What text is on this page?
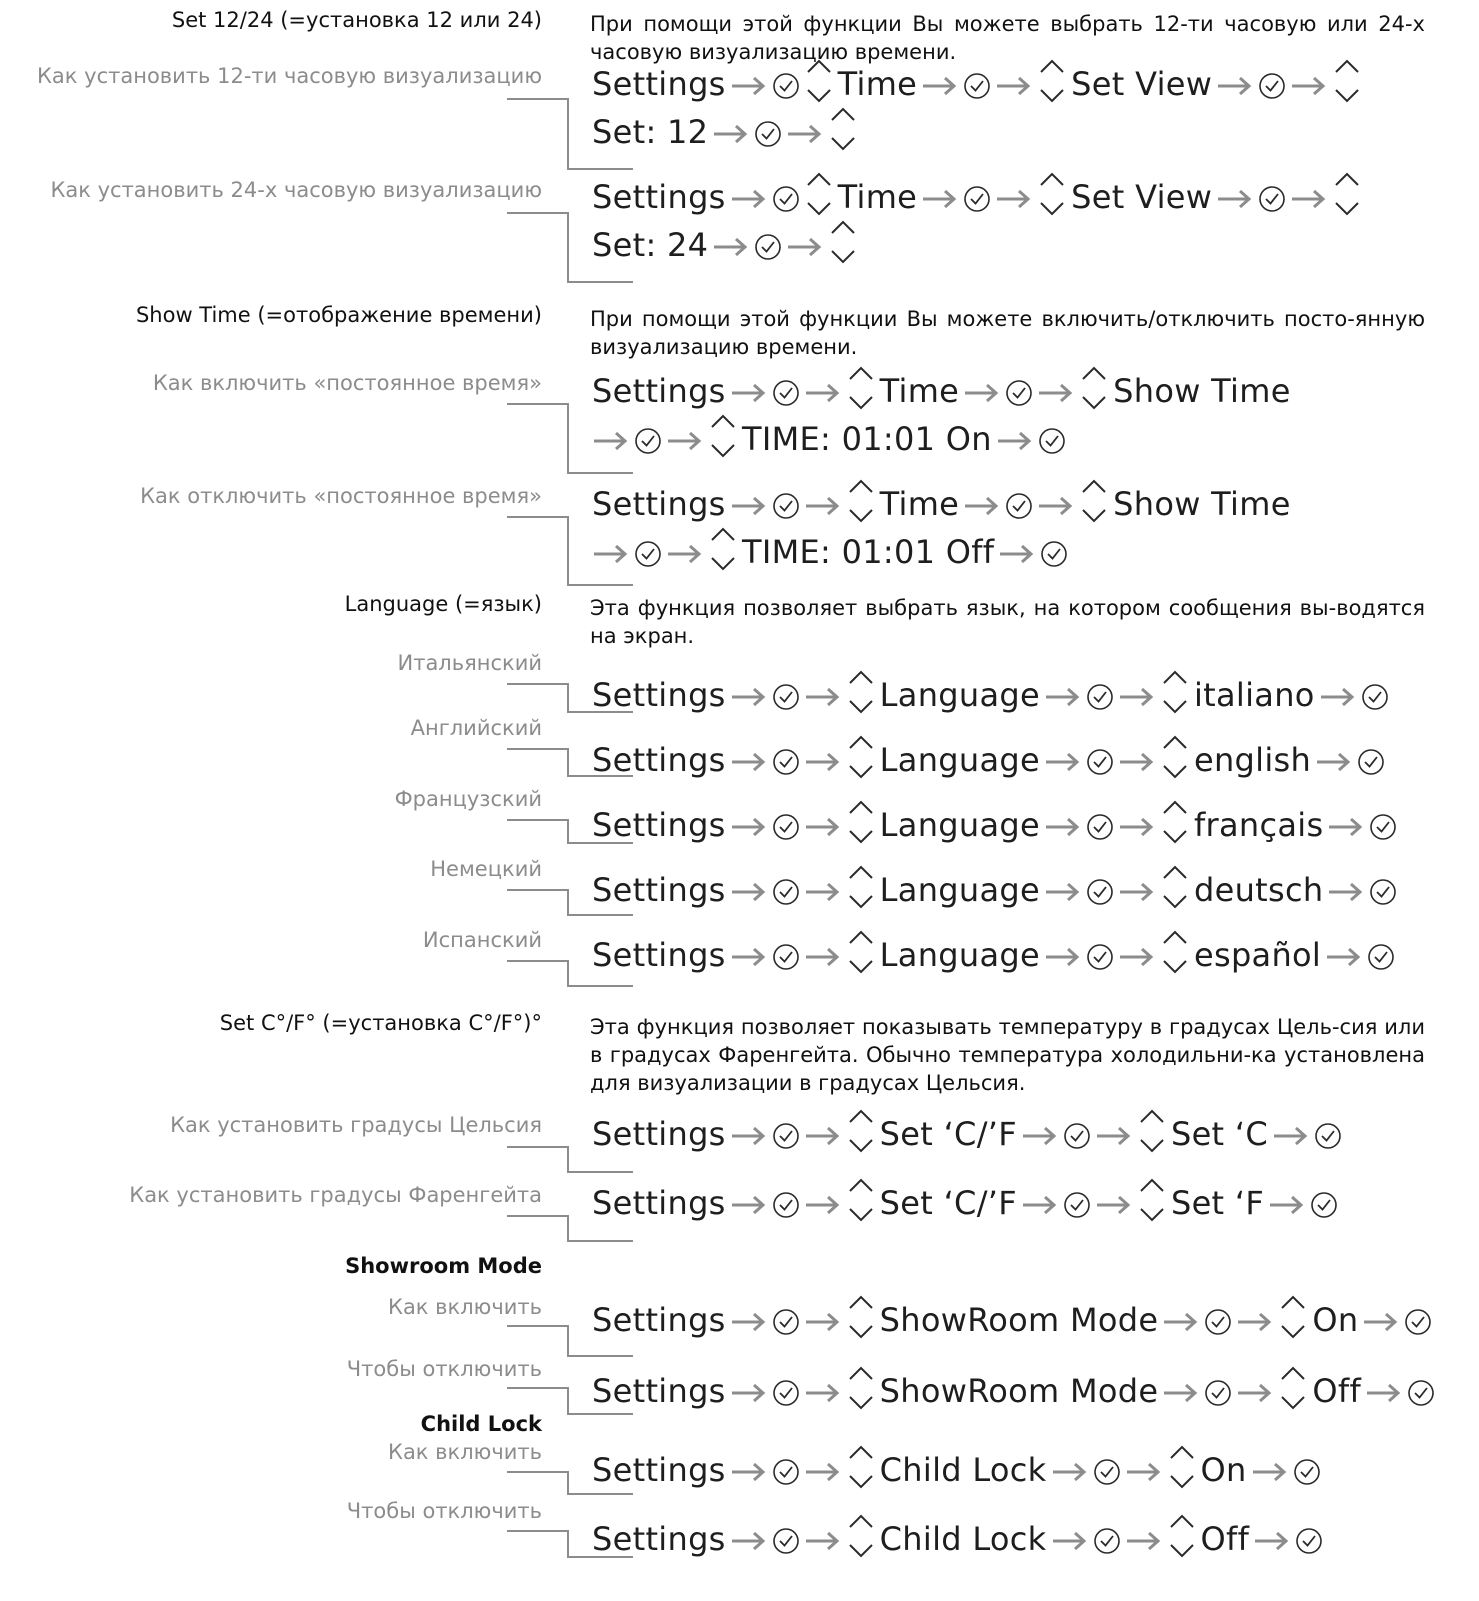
Set 12/24 (=установка 12 или 24) При помощи этой функции Вы можете выбрать 12-ти часовую или 24-х часовую визуализацию времени.
Show Time (=отображение времени) При помощи этой функции Вы можете включить/отключить посто-янную визуализацию времени.
Language (=язык) Эта функция позволяет выбрать язык, на котором сообщения вы-водятся на экран.
Set C°/F° (=установка C°/F°)° Эта функция позволяет показывать температуру в градусах Цель-сия или в градусах Фаренгейта. Обычно температура холодильни-ка установлена для визуализации в градусах Цельсия.
Showroom Mode
Child Lock
Как установить 12-ти часовую визуализацию Settings	Time	Set View
Set: 12
Как установить 24-х часовую визуализацию Settings	Time	Set View
Set: 24
Как включить «постоянное время» Settings	Time	Show Time
TIME: 01:01 On
Как отключить «постоянное время» Settings	Time	Show Time
TIME: 01:01 Off
Итальянский
Settings	Language	italiano
Английский
Settings	Language	english
Французский
Settings	Language	français
Немецкий
Settings	Language	deutsch
Испанский Settings	Language	español
Как установить градусы Цельсия Settings	Set ‘C/’F	Set ‘C
Как установить градусы Фаренгейта Settings	Set ‘C/’F	Set ‘F
Как включить Settings	ShowRoom Mode	On
Чтобы отключить
Settings	ShowRoom Mode	Off
Как включить Settings	Child Lock	On
Чтобы отключить
Settings	Child Lock	Off
